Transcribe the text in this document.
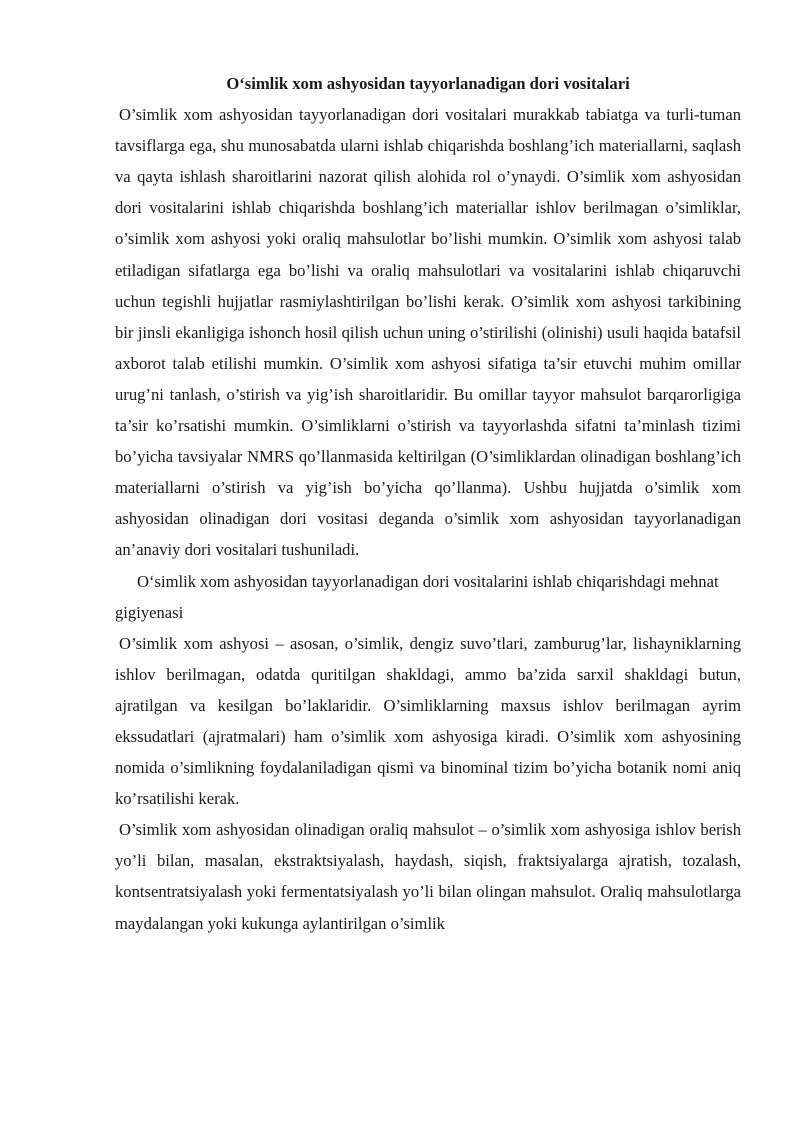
O‘simlik xom ashyosidan tayyorlanadigan dori vositalari

O’simlik xom ashyosidan tayyorlanadigan dori vositalari murakkab tabiatga va turli-tuman tavsiflarga ega, shu munosabatda ularni ishlab chiqarishda boshlang’ich materiallarni, saqlash va qayta ishlash sharoitlarini nazorat qilish alohida rol o’ynaydi. O’simlik xom ashyosidan dori vositalarini ishlab chiqarishda boshlang’ich materiallar ishlov berilmagan o’simliklar, o’simlik xom ashyosi yoki oraliq mahsulotlar bo’lishi mumkin. O’simlik xom ashyosi talab etiladigan sifatlarga ega bo’lishi va oraliq mahsulotlari va vositalarini ishlab chiqaruvchi uchun tegishli hujjatlar rasmiylashtirilgan bo’lishi kerak. O’simlik xom ashyosi tarkibining bir jinsli ekanligiga ishonch hosil qilish uchun uning o’stirilishi (olinishi) usuli haqida batafsil axborot talab etilishi mumkin. O’simlik xom ashyosi sifatiga ta’sir etuvchi muhim omillar urug’ni tanlash, o’stirish va yig’ish sharoitlaridir. Bu omillar tayyor mahsulot barqarorligiga ta’sir ko’rsatishi mumkin. O’simliklarni o’stirish va tayyorlashda sifatni ta’minlash tizimi bo’yicha tavsiyalar NMRS qo’llanmasida keltirilgan (O’simliklardan olinadigan boshlang’ich materiallarni o’stirish va yig’ish bo’yicha qo’llanma). Ushbu hujjatda o’simlik xom ashyosidan olinadigan dori vositasi deganda o’simlik xom ashyosidan tayyorlanadigan an’anaviy dori vositalari tushuniladi.

O‘simlik xom ashyosidan tayyorlanadigan dori vositalarini ishlab chiqarishdagi mehnat gigiyenasi

O’simlik xom ashyosi – asosan, o’simlik, dengiz suvo’tlari, zamburug’lar, lishayniklarning ishlov berilmagan, odatda quritilgan shakldagi, ammo ba’zida sarxil shakldagi butun, ajratilgan va kesilgan bo’laklaridir. O’simliklarning maxsus ishlov berilmagan ayrim ekssudatlari (ajratmalari) ham o’simlik xom ashyosiga kiradi. O’simlik xom ashyosining nomida o’simlikning foydalaniladigan qismi va binominal tizim bo’yicha botanik nomi aniq ko’rsatilishi kerak.

O’simlik xom ashyosidan olinadigan oraliq mahsulot – o’simlik xom ashyosiga ishlov berish yo’li bilan, masalan, ekstraktsiyalash, haydash, siqish, fraktsiyalarga ajratish, tozalash, kontsentratsiyalash yoki fermentatsiyalash yo’li bilan olingan mahsulot. Oraliq mahsulotlarga maydalangan yoki kukunga aylantirilgan o’simlik
